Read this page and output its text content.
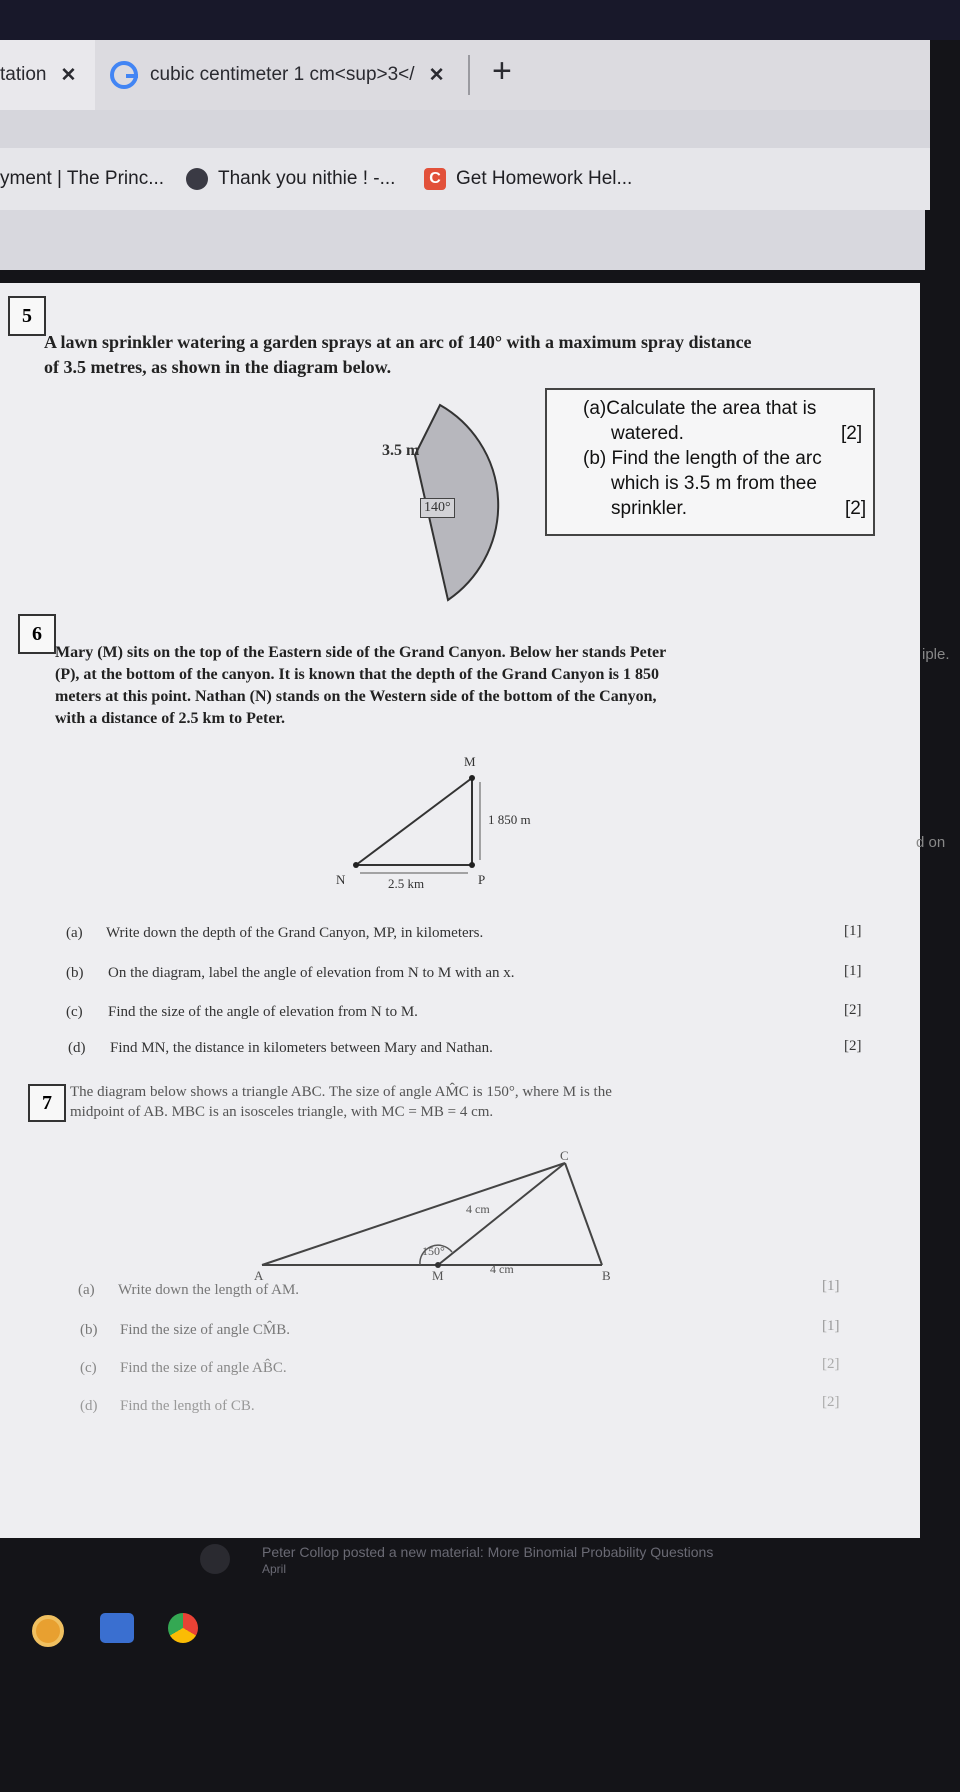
tation ✕	cubic centimeter 1 cm<sup>3</ ✕ +
yment | The Princ...	Thank you nithie ! -...	C Get Homework Hel...
iple.
d on
5
A lawn sprinkler watering a garden sprays at an arc of 140° with a maximum spray distance
of 3.5 metres, as shown in the diagram below.
3.5 m
140°
(a)Calculate the area that is
watered.	[2]
(b) Find the length of the arc
which is 3.5 m from thee
sprinkler.	[2]
6
Mary (M) sits on the top of the Eastern side of the Grand Canyon. Below her stands Peter
(P), at the bottom of the canyon. It is known that the depth of the Grand Canyon is 1 850
meters at this point. Nathan (N) stands on the Western side of the bottom of the Canyon,
with a distance of 2.5 km to Peter.
M
N	P
1 850 m
2.5 km
(a) Write down the depth of the Grand Canyon, MP, in kilometers.	[1]
(b) On the diagram, label the angle of elevation from N to M with an x.	[1]
(c) Find the size of the angle of elevation from N to M.	[2]
(d) Find MN, the distance in kilometers between Mary and Nathan.	[2]
7	The diagram below shows a triangle ABC. The size of angle AM̂C is 150°, where M is the
midpoint of AB. MBC is an isosceles triangle, with MC = MB = 4 cm.
A	B
C
M
4 cm
4 cm
150°
(a) Write down the length of AM.	[1]
(b) Find the size of angle CM̂B.	[1]
(c) Find the size of angle AB̂C.	[2]
(d) Find the length of CB.	[2]
Peter Collop posted a new material: More Binomial Probability Questions
April
